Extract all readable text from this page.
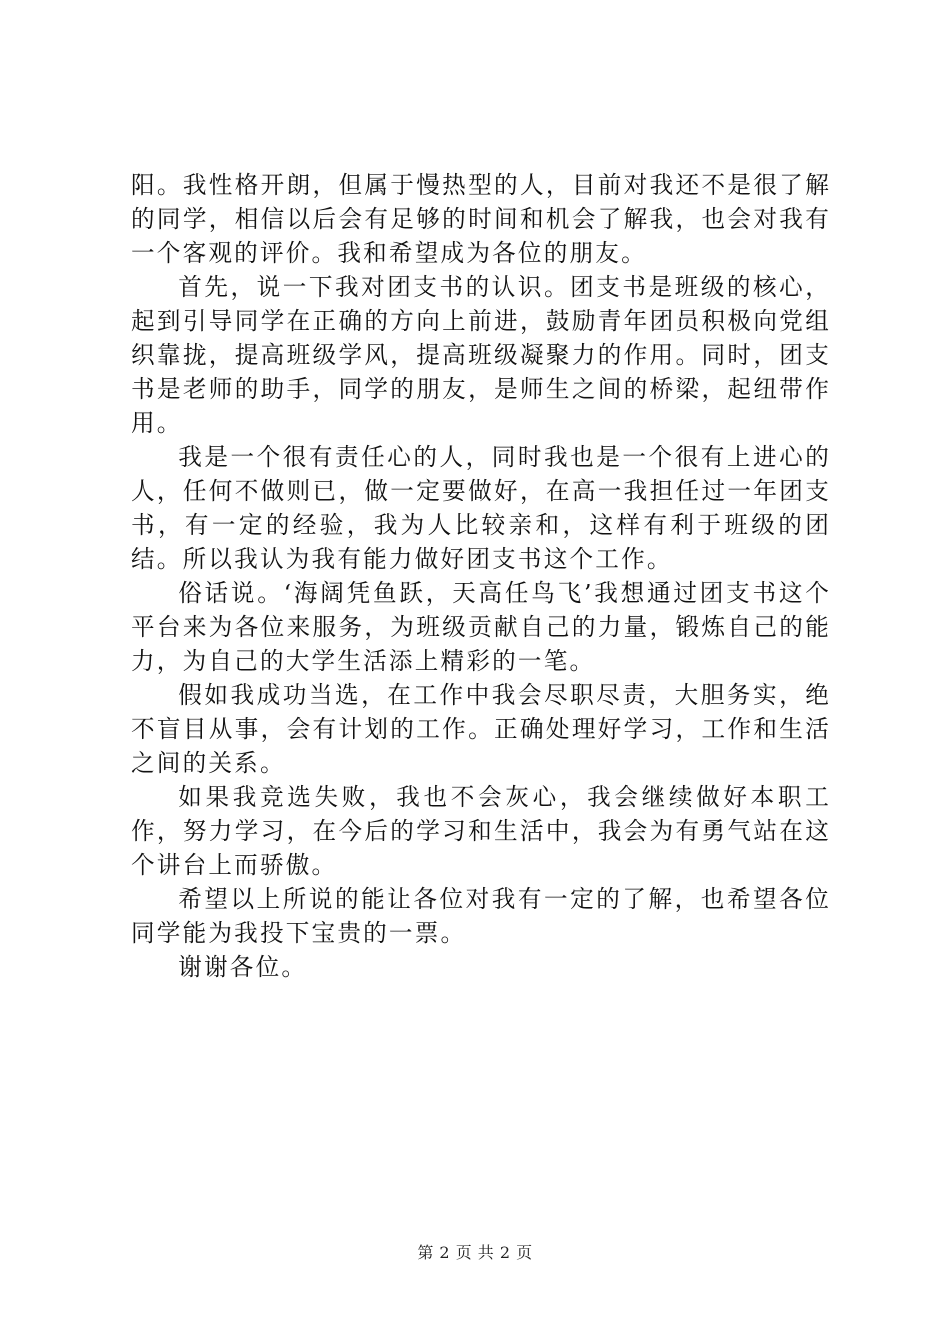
阳。我性格开朗，但属于慢热型的人，目前对我还不是很了解的同学，相信以后会有足够的时间和机会了解我，也会对我有一个客观的评价。我和希望成为各位的朋友。

首先，说一下我对团支书的认识。团支书是班级的核心，起到引导同学在正确的方向上前进，鼓励青年团员积极向党组织靠拢，提高班级学风，提高班级凝聚力的作用。同时，团支书是老师的助手，同学的朋友，是师生之间的桥梁，起纽带作用。

我是一个很有责任心的人，同时我也是一个很有上进心的人，任何不做则已，做一定要做好，在高一我担任过一年团支书，有一定的经验，我为人比较亲和，这样有利于班级的团结。所以我认为我有能力做好团支书这个工作。

俗话说。‘海阔凭鱼跃，天高任鸟飞’我想通过团支书这个平台来为各位来服务，为班级贡献自己的力量，锻炼自己的能力，为自己的大学生活添上精彩的一笔。

假如我成功当选，在工作中我会尽职尽责，大胆务实，绝不盲目从事，会有计划的工作。正确处理好学习，工作和生活之间的关系。

如果我竞选失败，我也不会灰心，我会继续做好本职工作，努力学习，在今后的学习和生活中，我会为有勇气站在这个讲台上而骄傲。

希望以上所说的能让各位对我有一定的了解，也希望各位同学能为我投下宝贵的一票。

谢谢各位。

第 2 页 共 2 页
